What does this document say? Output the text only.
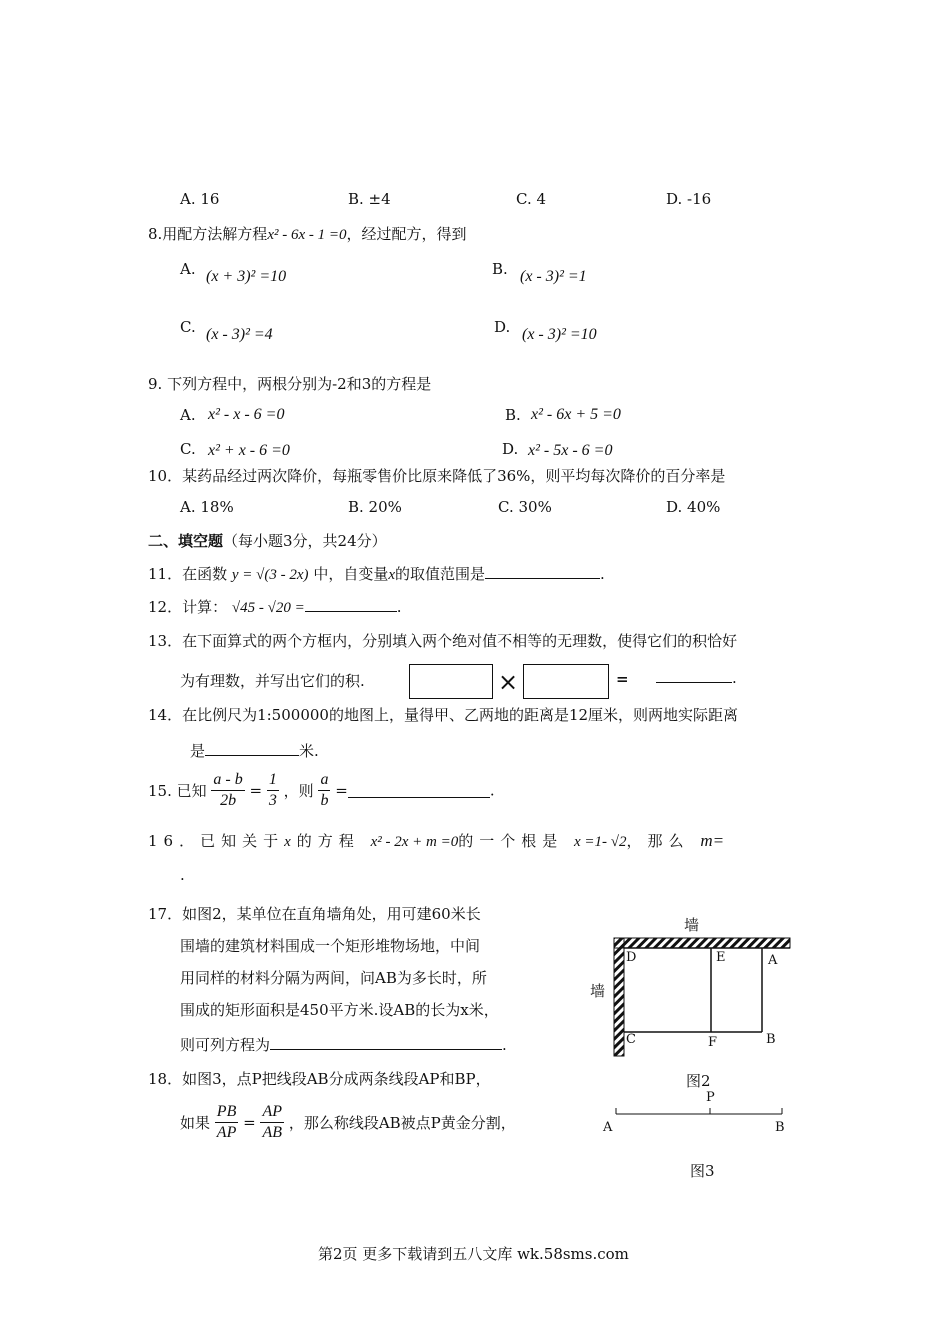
A. 16	B. ±4	C. 4	D. -16
8.用配方法解方程x² - 6x - 1 =0，经过配方，得到
A. (x + 3)² =10	B. (x - 3)² =1
C. (x - 3)² =4	D. (x - 3)² =10
9. 下列方程中，两根分别为-2和3的方程是
A. x² - x - 6 =0	B. x² - 6x + 5 =0
C. x² + x - 6 =0	D. x² - 5x - 6 =0
10．某药品经过两次降价，每瓶零售价比原来降低了36%，则平均每次降价的百分率是
A. 18%	B. 20%	C. 30%	D. 40%
二、填空题（每小题3分，共24分）
11．在函数 y = √(3 - 2x) 中，自变量x的取值范围是	.
12．计算： √45 - √20 =	.
13．在下面算式的两个方框内，分别填入两个绝对值不相等的无理数，使得它们的积恰好
为有理数，并写出它们的积.	×	=	.
14．在比例尺为1:500000的地图上，量得甲、乙两地的距离是12厘米，则两地实际距离
是	米.
15. 已知 $\frac{a - b}{2b} = \frac{1}{3}$ ，则 $\frac{a}{b}$ =	.
16．已知关于x的方程 x² - 2x + m =0的一个根是 x =1- √2，那么 m=
.
17．如图2，某单位在直角墙角处，用可建60米长
围墙的建筑材料围成一个矩形堆物场地，中间
用同样的材料分隔为两间，问AB为多长时，所
围成的矩形面积是450平方米.设AB的长为x米，
则可列方程为	.
墙
墙
D	E	A
C	F	B
图2
18．如图3，点P把线段AB分成两条线段AP和BP，
如果 $\frac{PB}{AP} = \frac{AP}{AB}$ ，那么称线段AB被点P黄金分割，	A
P
B
图3
第2页 更多下载请到五八文库 wk.58sms.com
